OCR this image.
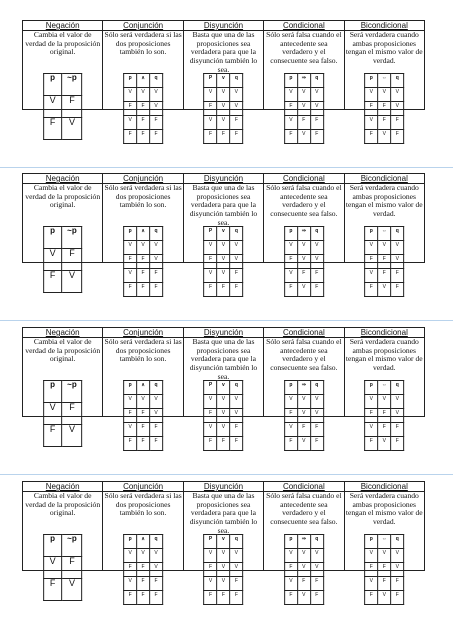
Negación	Conjunción	Disyunción	Condicional	Bicondicional

Cambia el valor de verdad de la proposición original.
p	~p
V	F
F	V

Sólo será verdadera si las dos proposiciones también lo son.
p	∧	q
V	V	V
F	F	V
V	F	F
F	F	F

Basta que una de las proposiciones sea verdadera para que la disyunción también lo sea.
P	v	q
V	V	V
F	V	V
V	V	F
F	F	F

Sólo será falsa cuando el antecedente sea verdadero y el consecuente sea falso.
p	⇒	q
V	V	V
F	V	V
V	F	F
F	V	F

Será verdadera cuando ambas proposiciones tengan el mismo valor de verdad.
p	⇔	q
V	V	V
F	F	V
V	F	F
F	V	F
Negación	Conjunción	Disyunción	Condicional	Bicondicional

Cambia el valor de verdad de la proposición original.
p	~p
V	F
F	V

Sólo será verdadera si las dos proposiciones también lo son.
p	∧	q
V	V	V
F	F	V
V	F	F
F	F	F

Basta que una de las proposiciones sea verdadera para que la disyunción también lo sea.
P	v	q
V	V	V
F	V	V
V	V	F
F	F	F

Sólo será falsa cuando el antecedente sea verdadero y el consecuente sea falso.
p	⇒	q
V	V	V
F	V	V
V	F	F
F	V	F

Será verdadera cuando ambas proposiciones tengan el mismo valor de verdad.
p	⇔	q
V	V	V
F	F	V
V	F	F
F	V	F
Negación	Conjunción	Disyunción	Condicional	Bicondicional

Cambia el valor de verdad de la proposición original.
p	~p
V	F
F	V

Sólo será verdadera si las dos proposiciones también lo son.
p	∧	q
V	V	V
F	F	V
V	F	F
F	F	F

Basta que una de las proposiciones sea verdadera para que la disyunción también lo sea.
P	v	q
V	V	V
F	V	V
V	V	F
F	F	F

Sólo será falsa cuando el antecedente sea verdadero y el consecuente sea falso.
p	⇒	q
V	V	V
F	V	V
V	F	F
F	V	F

Será verdadera cuando ambas proposiciones tengan el mismo valor de verdad.
p	⇔	q
V	V	V
F	F	V
V	F	F
F	V	F
Negación	Conjunción	Disyunción	Condicional	Bicondicional

Cambia el valor de verdad de la proposición original.
p	~p
V	F
F	V

Sólo será verdadera si las dos proposiciones también lo son.
p	∧	q
V	V	V
F	F	V
V	F	F
F	F	F

Basta que una de las proposiciones sea verdadera para que la disyunción también lo sea.
P	v	q
V	V	V
F	V	V
V	V	F
F	F	F

Sólo será falsa cuando el antecedente sea verdadero y el consecuente sea falso.
p	⇒	q
V	V	V
F	V	V
V	F	F
F	V	F

Será verdadera cuando ambas proposiciones tengan el mismo valor de verdad.
p	⇔	q
V	V	V
F	F	V
V	F	F
F	V	F
